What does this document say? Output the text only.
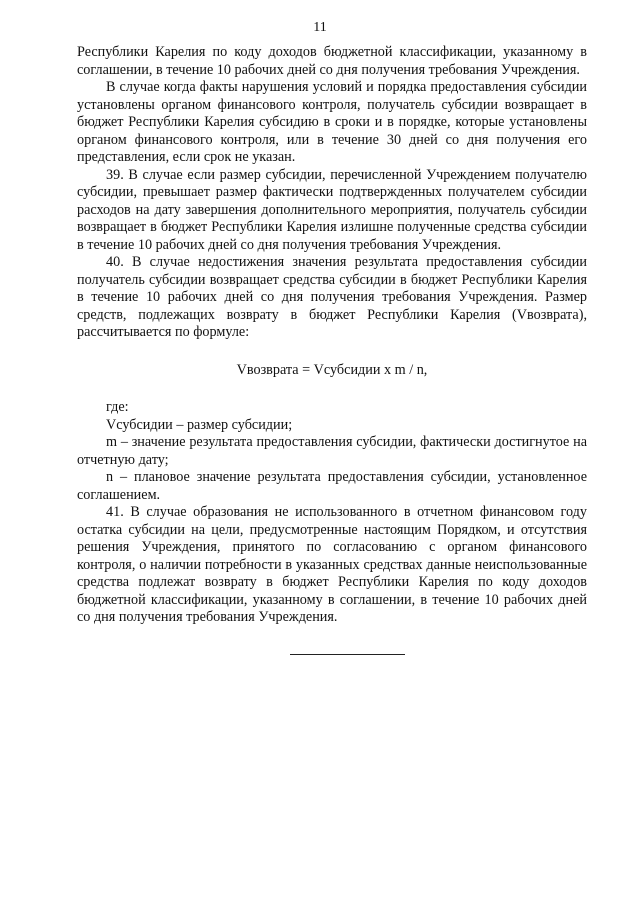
11

Республики Карелия по коду доходов бюджетной классификации, указанному в соглашении, в течение 10 рабочих дней со дня получения требования Учреждения.

В случае когда факты нарушения условий и порядка предоставления субсидии установлены органом финансового контроля, получатель субсидии возвращает в бюджет Республики Карелия субсидию в сроки и в порядке, которые установлены органом финансового контроля, или в течение 30 дней со дня получения его представления, если срок не указан.

39. В случае если размер субсидии, перечисленной Учреждением получателю субсидии, превышает размер фактически подтвержденных получателем субсидии расходов на дату завершения дополнительного мероприятия, получатель субсидии возвращает в бюджет Республики Карелия излишне полученные средства субсидии в течение 10 рабочих дней со дня получения требования Учреждения.

40. В случае недостижения значения результата предоставления субсидии получатель субсидии возвращает средства субсидии в бюджет Республики Карелия в течение 10 рабочих дней со дня получения требования Учреждения. Размер средств, подлежащих возврату в бюджет Республики Карелия (Vвозврата), рассчитывается по формуле:

Vвозврата = Vсубсидии x m / n,

где:

Vсубсидии – размер субсидии;

m – значение результата предоставления субсидии, фактически достигнутое на отчетную дату;

n – плановое значение результата предоставления субсидии, установленное соглашением.

41. В случае образования не использованного в отчетном финансовом году остатка субсидии на цели, предусмотренные настоящим Порядком, и отсутствия решения Учреждения, принятого по согласованию с органом финансового контроля, о наличии потребности в указанных средствах данные неиспользованные средства подлежат возврату в бюджет Республики Карелия по коду доходов бюджетной классификации, указанному в соглашении, в течение 10 рабочих дней со дня получения требования Учреждения.
